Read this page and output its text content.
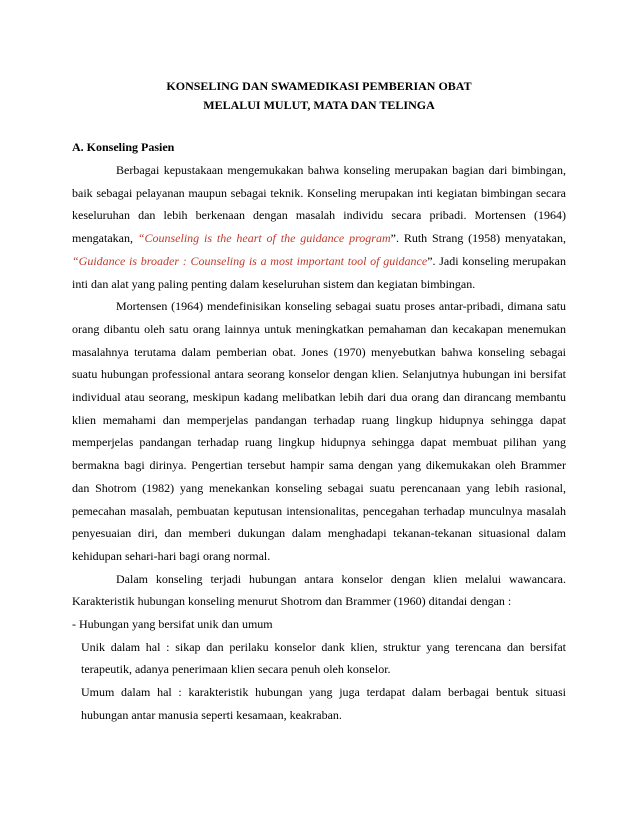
KONSELING DAN SWAMEDIKASI PEMBERIAN OBAT
MELALUI MULUT, MATA DAN TELINGA
A. Konseling Pasien

Berbagai kepustakaan mengemukakan bahwa konseling merupakan bagian dari bimbingan, baik sebagai pelayanan maupun sebagai teknik. Konseling merupakan inti kegiatan bimbingan secara keseluruhan dan lebih berkenaan dengan masalah individu secara pribadi. Mortensen (1964) mengatakan, “Counseling is the heart of the guidance program”. Ruth Strang (1958) menyatakan, “Guidance is broader : Counseling is a most important tool of guidance”. Jadi konseling merupakan inti dan alat yang paling penting dalam keseluruhan sistem dan kegiatan bimbingan.

Mortensen (1964) mendefinisikan konseling sebagai suatu proses antar-pribadi, dimana satu orang dibantu oleh satu orang lainnya untuk meningkatkan pemahaman dan kecakapan menemukan masalahnya terutama dalam pemberian obat. Jones (1970) menyebutkan bahwa konseling sebagai suatu hubungan professional antara seorang konselor dengan klien. Selanjutnya hubungan ini bersifat individual atau seorang, meskipun kadang melibatkan lebih dari dua orang dan dirancang membantu klien memahami dan memperjelas pandangan terhadap ruang lingkup hidupnya sehingga dapat memperjelas pandangan terhadap ruang lingkup hidupnya sehingga dapat membuat pilihan yang bermakna bagi dirinya. Pengertian tersebut hampir sama dengan yang dikemukakan oleh Brammer dan Shotrom (1982) yang menekankan konseling sebagai suatu perencanaan yang lebih rasional, pemecahan masalah, pembuatan keputusan intensionalitas, pencegahan terhadap munculnya masalah penyesuaian diri, dan memberi dukungan dalam menghadapi tekanan-tekanan situasional dalam kehidupan sehari-hari bagi orang normal.

Dalam konseling terjadi hubungan antara konselor dengan klien melalui wawancara. Karakteristik hubungan konseling menurut Shotrom dan Brammer (1960) ditandai dengan :

- Hubungan yang bersifat unik dan umum

Unik dalam hal : sikap dan perilaku konselor dank klien, struktur yang terencana dan bersifat terapeutik, adanya penerimaan klien secara penuh oleh konselor.

Umum dalam hal : karakteristik hubungan yang juga terdapat dalam berbagai bentuk situasi hubungan antar manusia seperti kesamaan, keakraban.
